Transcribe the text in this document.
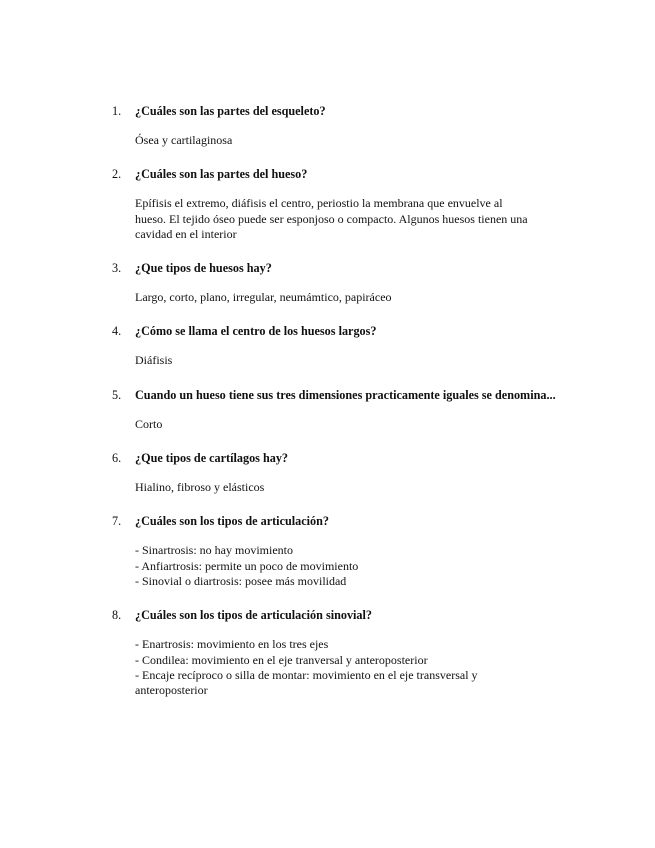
1. ¿Cuáles son las partes del esqueleto?

Ósea y cartilaginosa
2. ¿Cuáles son las partes del hueso?

Epífisis el extremo, diáfisis el centro, periostio la membrana que envuelve al
hueso. El tejido óseo puede ser esponjoso o compacto. Algunos huesos tienen una
cavidad en el interior
3. ¿Que tipos de huesos hay?

Largo, corto, plano, irregular, neumámtico, papiráceo
4. ¿Cómo se llama el centro de los huesos largos?

Diáfisis
5. Cuando un hueso tiene sus tres dimensiones practicamente iguales se denomina...

Corto
6. ¿Que tipos de cartílagos hay?

Hialino, fibroso y elásticos
7. ¿Cuáles son los tipos de articulación?

- Sinartrosis: no hay movimiento
- Anfiartrosis: permite un poco de movimiento
- Sinovial o diartrosis: posee más movilidad
8. ¿Cuáles son los tipos de articulación sinovial?

- Enartrosis: movimiento en los tres ejes
- Condilea: movimiento en el eje tranversal y anteroposterior
- Encaje recíproco o silla de montar: movimiento en el eje transversal y
anteroposterior
